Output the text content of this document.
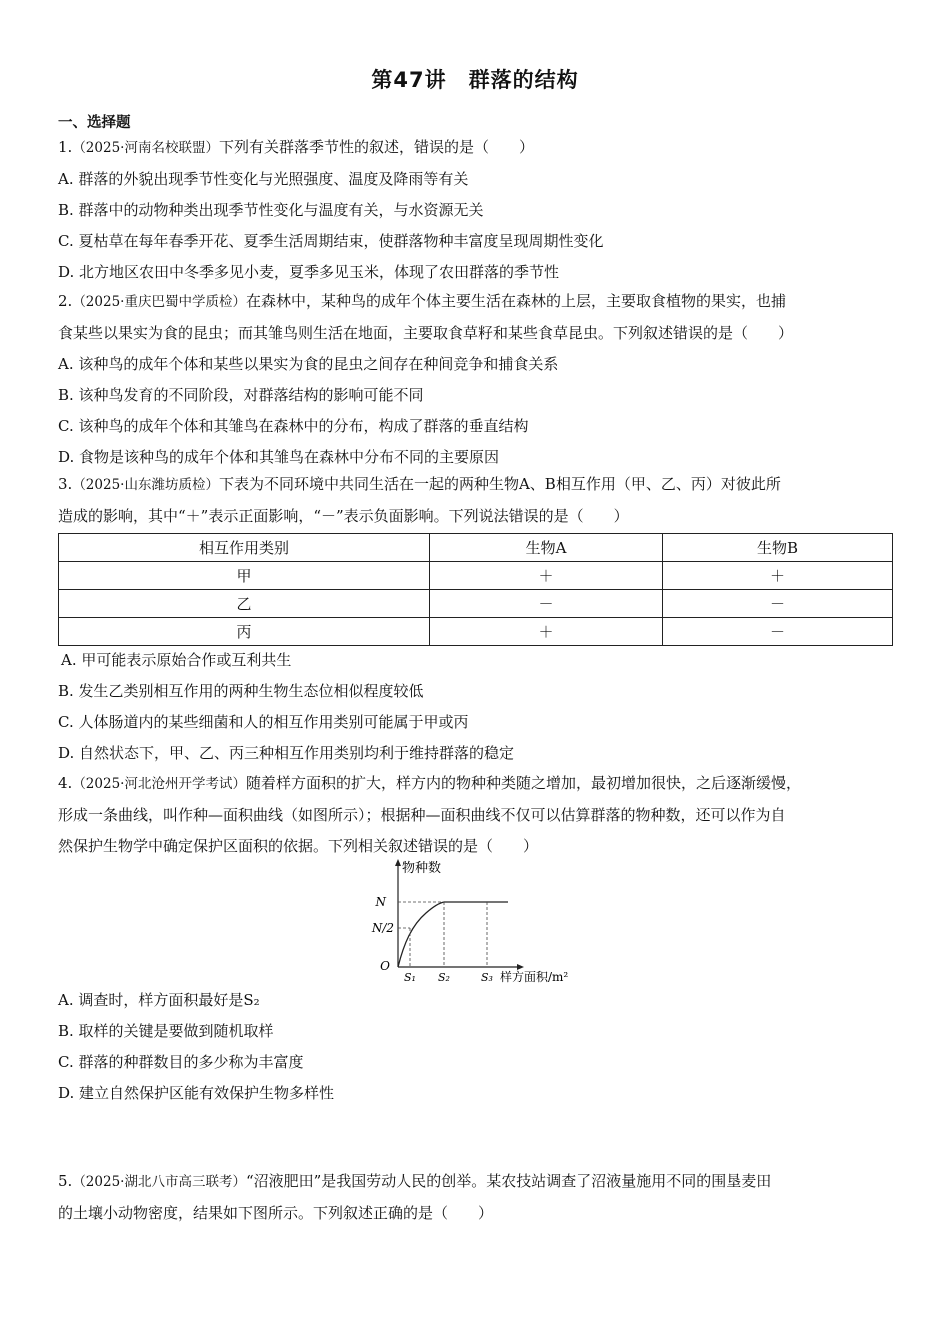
第47讲　群落的结构
一、选择题
1.（2025·河南名校联盟）下列有关群落季节性的叙述，错误的是（　　）
A. 群落的外貌出现季节性变化与光照强度、温度及降雨等有关
B. 群落中的动物种类出现季节性变化与温度有关，与水资源无关
C. 夏枯草在每年春季开花、夏季生活周期结束，使群落物种丰富度呈现周期性变化
D. 北方地区农田中冬季多见小麦，夏季多见玉米，体现了农田群落的季节性
2.（2025·重庆巴蜀中学质检）在森林中，某种鸟的成年个体主要生活在森林的上层，主要取食植物的果实，也捕
食某些以果实为食的昆虫；而其雏鸟则生活在地面，主要取食草籽和某些食草昆虫。下列叙述错误的是（　　）
A. 该种鸟的成年个体和某些以果实为食的昆虫之间存在种间竞争和捕食关系
B. 该种鸟发育的不同阶段，对群落结构的影响可能不同
C. 该种鸟的成年个体和其雏鸟在森林中的分布，构成了群落的垂直结构
D. 食物是该种鸟的成年个体和其雏鸟在森林中分布不同的主要原因
3.（2025·山东潍坊质检）下表为不同环境中共同生活在一起的两种生物A、B相互作用（甲、乙、丙）对彼此所
造成的影响，其中“＋”表示正面影响，“－”表示负面影响。下列说法错误的是（　　）
相互作用类别	生物A	生物B
甲	＋	＋
乙	－	－
丙	＋	－
A. 甲可能表示原始合作或互利共生
B. 发生乙类别相互作用的两种生物生态位相似程度较低
C. 人体肠道内的某些细菌和人的相互作用类别可能属于甲或丙
D. 自然状态下，甲、乙、丙三种相互作用类别均利于维持群落的稳定
4.（2025·河北沧州开学考试）随着样方面积的扩大，样方内的物种种类随之增加，最初增加很快，之后逐渐缓慢，
形成一条曲线，叫作种—面积曲线（如图所示）；根据种—面积曲线不仅可以估算群落的物种数，还可以作为自
然保护生物学中确定保护区面积的依据。下列相关叙述错误的是（　　）
物种数
N
N/2
O
S₁ S₂	S₃ 样方面积/m²
A. 调查时，样方面积最好是S₂
B. 取样的关键是要做到随机取样
C. 群落的种群数目的多少称为丰富度
D. 建立自然保护区能有效保护生物多样性
5.（2025·湖北八市高三联考）“沼液肥田”是我国劳动人民的创举。某农技站调查了沼液量施用不同的围垦麦田
的土壤小动物密度，结果如下图所示。下列叙述正确的是（　　）
